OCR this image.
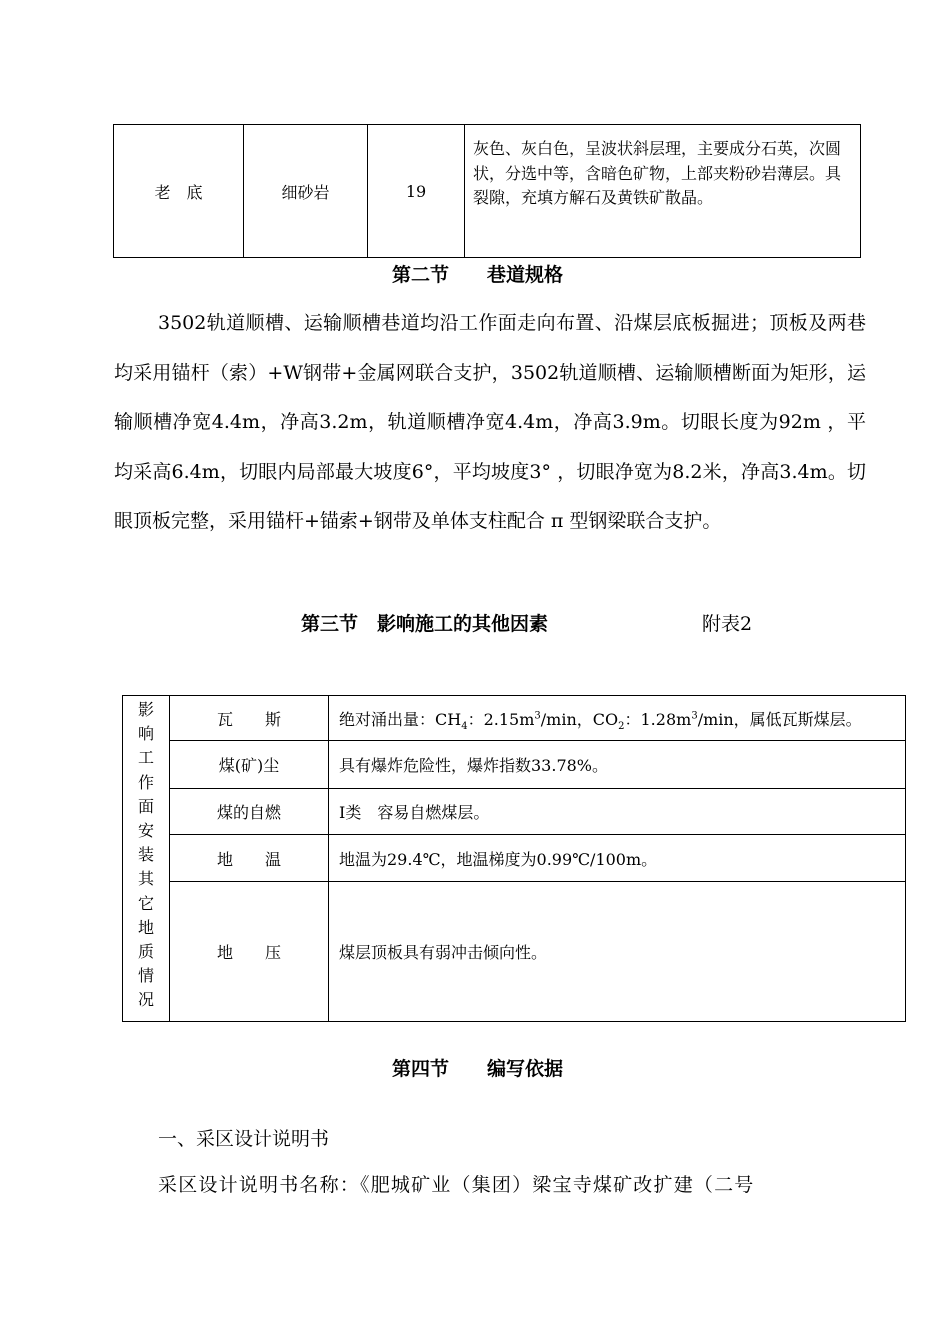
老　底	细砂岩	19	灰色、灰白色，呈波状斜层理，主要成分石英，次圆状，分选中等，含暗色矿物，上部夹粉砂岩薄层。具裂隙，充填方解石及黄铁矿散晶。
第二节　　巷道规格
3502轨道顺槽、运输顺槽巷道均沿工作面走向布置、沿煤层底板掘进；顶板及两巷均采用锚杆（索）+W钢带+金属网联合支护，3502轨道顺槽、运输顺槽断面为矩形，运输顺槽净宽4.4m，净高3.2m，轨道顺槽净宽4.4m，净高3.9m。切眼长度为92m ，平均采高6.4m，切眼内局部最大坡度6°，平均坡度3° ，切眼净宽为8.2米，净高3.4m。切眼顶板完整，采用锚杆+锚索+钢带及单体支柱配合 π 型钢梁联合支护。
第三节　影响施工的其他因素	附表2
影响工作面安装其它地质情况	瓦　　斯	绝对涌出量：$CH_4$：$2.15m^3/\min$，$CO_2$：$1.28m^3/\min$，属低瓦斯煤层。
	煤(矿)尘	具有爆炸危险性，爆炸指数33.78%。
	煤的自燃	Ⅰ类　容易自燃煤层。
	地　　温	地温为29.4℃，地温梯度为0.99℃/100m。
	地　　压	煤层顶板具有弱冲击倾向性。
第四节　　编写依据
一、采区设计说明书
采区设计说明书名称：《肥城矿业（集团）梁宝寺煤矿改扩建（二号
